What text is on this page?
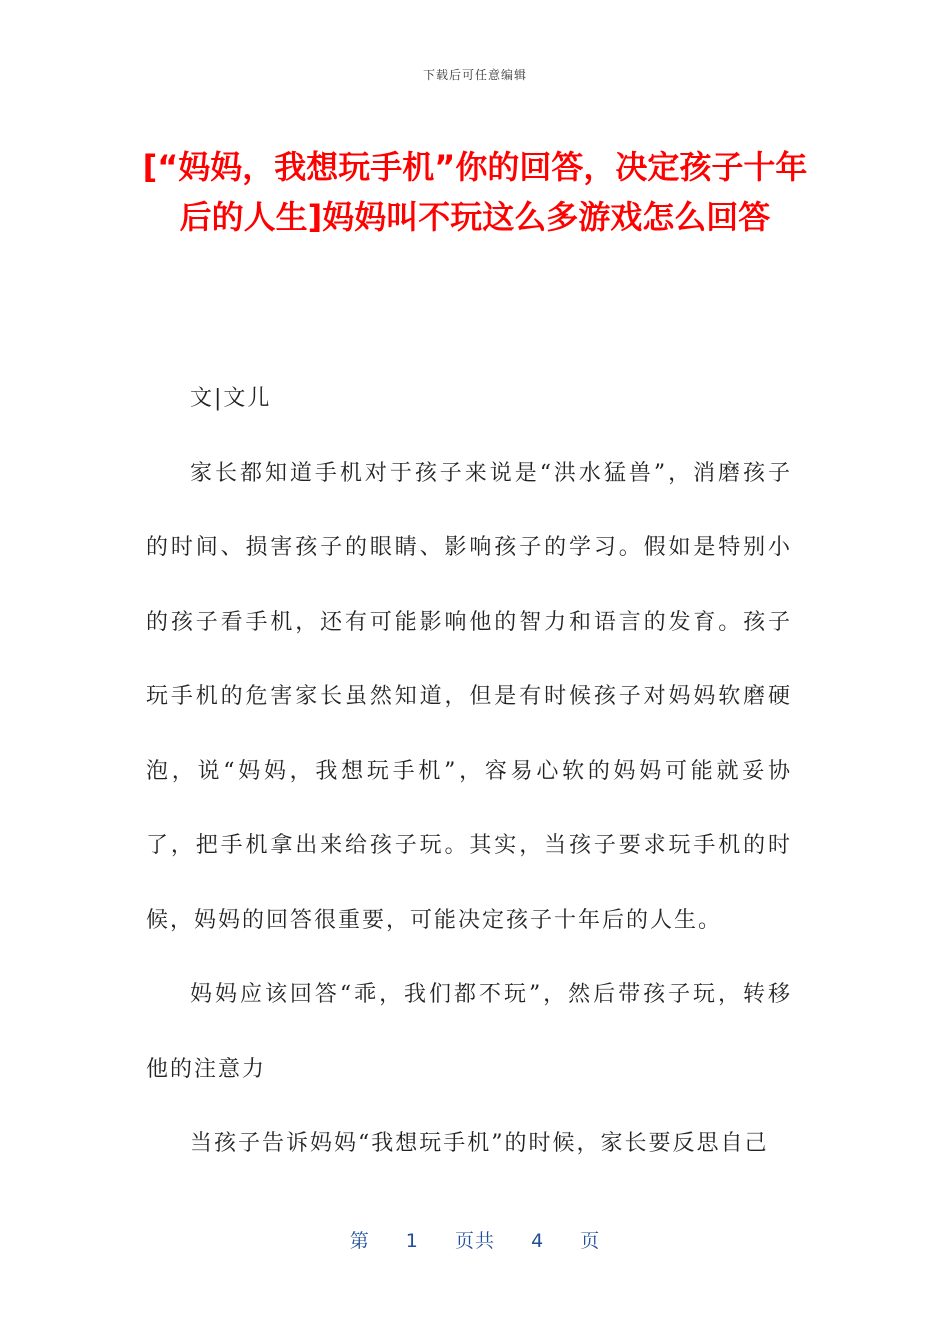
下载后可任意编辑
[“妈妈，我想玩手机”你的回答，决定孩子十年后的人生]妈妈叫不玩这么多游戏怎么回答

文|文儿

家长都知道手机对于孩子来说是“洪水猛兽”，消磨孩子的时间、损害孩子的眼睛、影响孩子的学习。假如是特别小的孩子看手机，还有可能影响他的智力和语言的发育。孩子玩手机的危害家长虽然知道，但是有时候孩子对妈妈软磨硬泡，说“妈妈，我想玩手机”，容易心软的妈妈可能就妥协了，把手机拿出来给孩子玩。其实，当孩子要求玩手机的时候，妈妈的回答很重要，可能决定孩子十年后的人生。

妈妈应该回答“乖，我们都不玩”，然后带孩子玩，转移他的注意力

当孩子告诉妈妈“我想玩手机”的时候，家长要反思自己

第 1 页共 4 页
